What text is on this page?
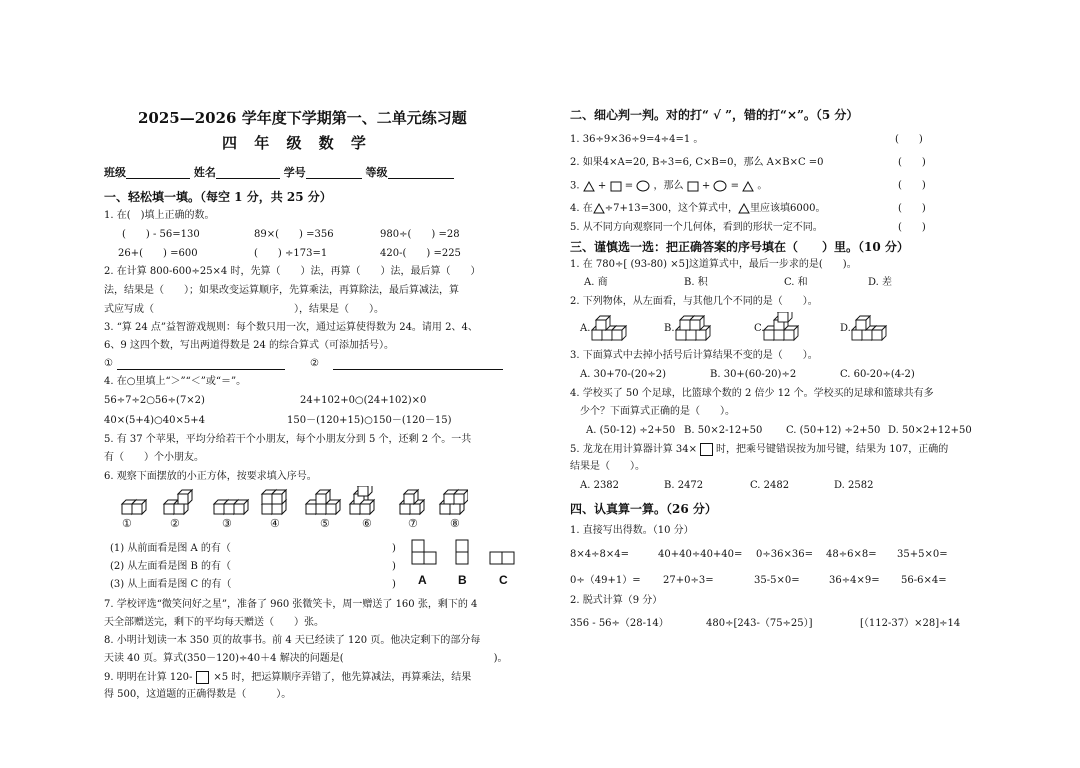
2025—2026 学年度下学期第一、二单元练习题
四 年 级 数 学
班级	姓名	学号	等级
一、轻松填一填。（每空 1 分，共 25 分）
1. 在(　)填上正确的数。
(　　) - 56=130	89×(　　) =356	980÷(　　) =28
26+(　　) =600	(　　) ÷173=1	420-(　　) =225
2. 在计算 800-600÷25×4 时，先算（　　）法，再算（　　）法，最后算（　　）
法，结果是（　　）；如果改变运算顺序，先算乘法，再算除法，最后算减法，算
式应写成（　　　　　　　　　　　　　　），结果是（　　）。
3. “算 24 点”益智游戏规则：每个数只用一次，通过运算使得数为 24。请用 2、4、
6、9 这四个数，写出两道得数是 24 的综合算式（可添加括号）。
①	②
4. 在○里填上“＞”“＜”或“＝”。
56÷7÷2○56÷(7×2)	24+102+0○(24+102)×0
40×(5+4)○40×5+4	150－(120+15)○150－(120－15)
5. 有 37 个苹果，平均分给若干个小朋友，每个小朋友分到 5 个，还剩 2 个。一共
有（　　）个小朋友。
6. 观察下面摆放的小正方体，按要求填入序号。
①	②	③	④	⑤	⑥	⑦	⑧
(1) 从前面看是图 A 的有（
(2) 从左面看是图 B 的有（
(3) 从上面看是图 C 的有（
)
)
) A	B	C
7. 学校评选“微笑问好之星”，准备了 960 张微笑卡，周一赠送了 160 张，剩下的 4
天全部赠送完，剩下的平均每天赠送（　　）张。
8. 小明计划读一本 350 页的故事书。前 4 天已经读了 120 页。他决定剩下的部分每
天读 40 页。算式(350－120)÷40＋4 解决的问题是(　　　　　　　　　　　　　　　)。
9. 明明在计算 120- ×5 时，把运算顺序弄错了，他先算减法，再算乘法，结果
得 500，这道题的正确得数是（　　　）。
二、细心判一判。对的打“ √ ”，错的打“×”。（5 分）
1. 36÷9×36÷9=4÷4=1 。
2. 如果4×A=20, B÷3=6, C×B=0，那么 A×B×C =0
3. + = ，那么 + = 。
4. 在 ÷7+13=300，这个算式中， 里应该填6000。
5. 从不同方向观察同一个几何体，看到的形状一定不同。
(　　)
(　　)
(　　)
(　　)
(　　)
三、谨慎选一选：把正确答案的序号填在（　　）里。（10 分）
1. 在 780÷[ (93-80) ×5]这道算式中，最后一步求的是(　　)。
A. 商	B. 积	C. 和	D. 差
2. 下列物体，从左面看，与其他几个不同的是（　　）。
A.	B.	C.	D.
3. 下面算式中去掉小括号后计算结果不变的是（　　）。
A. 30+70-(20÷2)	B. 30+(60-20)÷2	C. 60-20÷(4-2)
4. 学校买了 50 个足球，比篮球个数的 2 倍少 12 个。学校买的足球和篮球共有多
少个？下面算式正确的是（　　）。
A. (50-12) ÷2+50 B. 50×2-12+50 C. (50+12) ÷2+50 D. 50×2+12+50
5. 龙龙在用计算器计算 34× 时，把乘号键错误按为加号键，结果为 107，正确的
结果是（　　）。
A. 2382	B. 2472	C. 2482	D. 2582
四、认真算一算。（26 分）
1. 直接写出得数。（10 分）
8×4÷8×4=	40+40÷40+40= 0÷36×36= 48÷6×8= 35+5×0=
0÷（49+1）= 27+0÷3=	35-5×0=	36÷4×9= 56-6×4=
2. 脱式计算（9 分）
356 - 56÷（28-14）	480÷[243-（75÷25）]	[（112-37）×28]÷14
